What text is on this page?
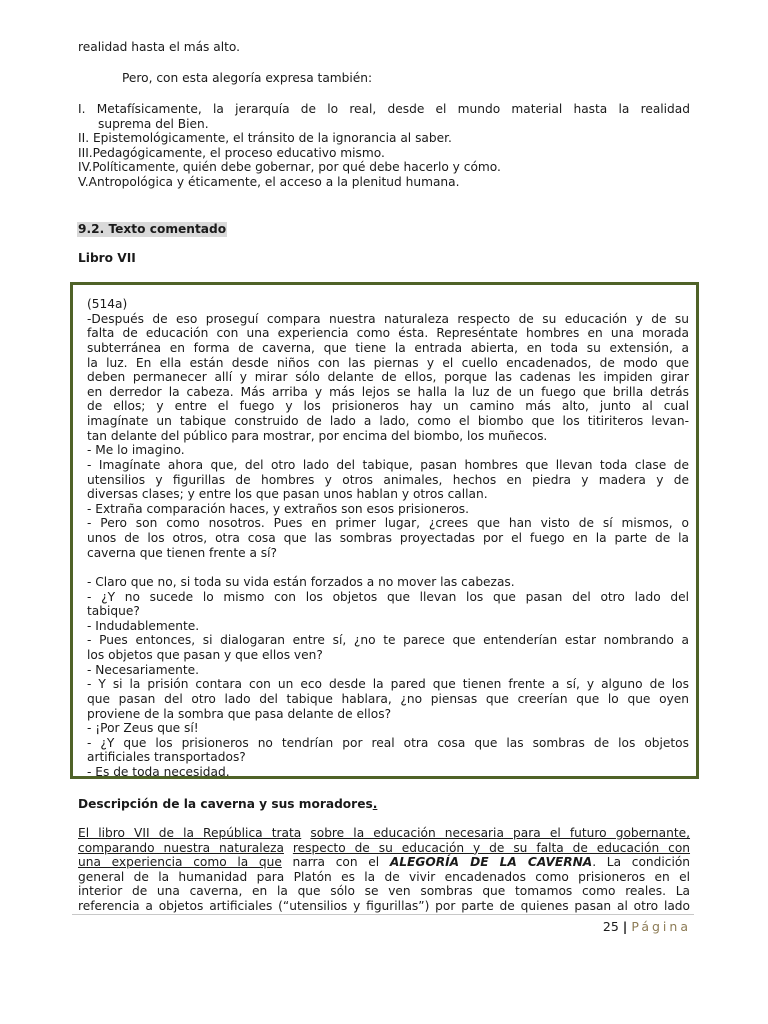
realidad hasta el más alto.
Pero, con esta alegoría expresa también:
I. Metafísicamente, la jerarquía de lo real, desde el mundo material hasta la realidad
suprema del Bien.
II. Epistemológicamente, el tránsito de la ignorancia al saber.
III.Pedagógicamente, el proceso educativo mismo.
IV.Políticamente, quién debe gobernar, por qué debe hacerlo y cómo.
V.Antropológica y éticamente, el acceso a la plenitud humana.
9.2. Texto comentado
Libro VII
(514a)
-Después de eso proseguí compara nuestra naturaleza respecto de su educación y de su
falta de educación con una experiencia como ésta. Represéntate hombres en una morada
subterránea en forma de caverna, que tiene la entrada abierta, en toda su extensión, a
la luz. En ella están desde niños con las piernas y el cuello encadenados, de modo que
deben permanecer allí y mirar sólo delante de ellos, porque las cadenas les impiden girar
en derredor la cabeza. Más arriba y más lejos se halla la luz de un fuego que brilla detrás
de ellos; y entre el fuego y los prisioneros hay un camino más alto, junto al cual
imagínate un tabique construido de lado a lado, como el biombo que los titiriteros levan-
tan delante del público para mostrar, por encima del biombo, los muñecos.
- Me lo imagino.
- Imagínate ahora que, del otro lado del tabique, pasan hombres que llevan toda clase de
utensilios y figurillas de hombres y otros animales, hechos en piedra y madera y de
diversas clases; y entre los que pasan unos hablan y otros callan.
- Extraña comparación haces, y extraños son esos prisioneros.
- Pero son como nosotros. Pues en primer lugar, ¿crees que han visto de sí mismos, o
unos de los otros, otra cosa que las sombras proyectadas por el fuego en la parte de la
caverna que tienen frente a sí?

- Claro que no, si toda su vida están forzados a no mover las cabezas.
- ¿Y no sucede lo mismo con los objetos que llevan los que pasan del otro lado del
tabique?
- Indudablemente.
- Pues entonces, si dialogaran entre sí, ¿no te parece que entenderían estar nombrando a
los objetos que pasan y que ellos ven?
- Necesariamente.
- Y si la prisión contara con un eco desde la pared que tienen frente a sí, y alguno de los
que pasan del otro lado del tabique hablara, ¿no piensas que creerían que lo que oyen
proviene de la sombra que pasa delante de ellos?
- ¡Por Zeus que sí!
- ¿Y que los prisioneros no tendrían por real otra cosa que las sombras de los objetos
artificiales transportados?
- Es de toda necesidad.
Descripción de la caverna y sus moradores.
El libro VII de la República trata sobre la educación necesaria para el futuro gobernante,
comparando nuestra naturaleza respecto de su educación y de su falta de educación con
una experiencia como la que narra con el ALEGORÍA DE LA CAVERNA. La condición
general de la humanidad para Platón es la de vivir encadenados como prisioneros en el
interior de una caverna, en la que sólo se ven sombras que tomamos como reales. La
referencia a objetos artificiales (“utensilios y figurillas”) por parte de quienes pasan al otro lado
25 | Página
